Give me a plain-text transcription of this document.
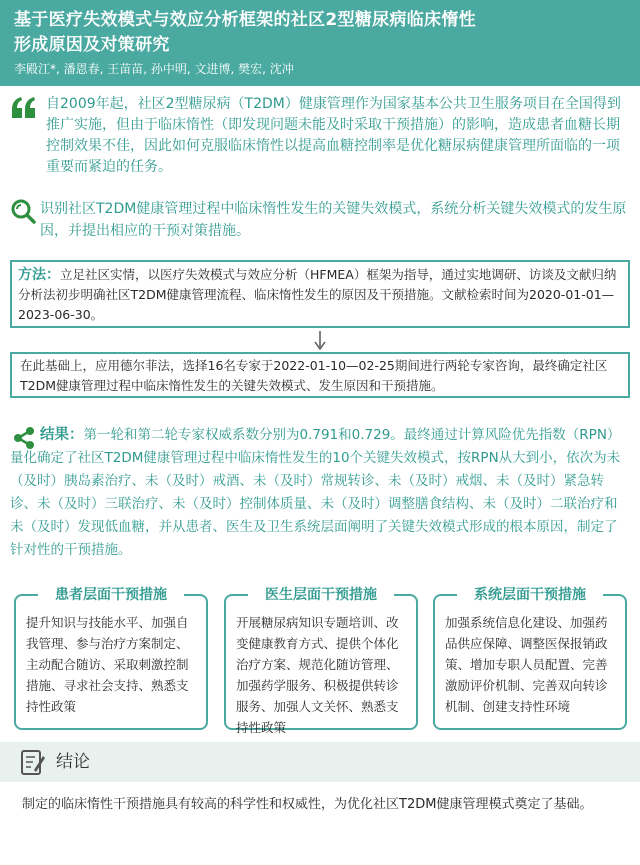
基于医疗失效模式与效应分析框架的社区2型糖尿病临床惰性
形成原因及对策研究
李殿江*, 潘恩春, 王苗苗, 孙中明, 文进博, 樊宏, 沈冲
自2009年起，社区2型糖尿病（T2DM）健康管理作为国家基本公共卫生服务项目在全国得到推广实施，但由于临床惰性（即发现问题未能及时采取干预措施）的影响，造成患者血糖长期控制效果不佳，因此如何克服临床惰性以提高血糖控制率是优化糖尿病健康管理所面临的一项重要而紧迫的任务。
识别社区T2DM健康管理过程中临床惰性发生的关键失效模式，系统分析关键失效模式的发生原因，并提出相应的干预对策措施。
方法：立足社区实情，以医疗失效模式与效应分析（HFMEA）框架为指导，通过实地调研、访谈及文献归纳分析法初步明确社区T2DM健康管理流程、临床惰性发生的原因及干预措施。文献检索时间为2020-01-01—2023-06-30。
在此基础上，应用德尔菲法，选择16名专家于2022-01-10—02-25期间进行两轮专家咨询，最终确定社区T2DM健康管理过程中临床惰性发生的关键失效模式、发生原因和干预措施。
结果：第一轮和第二轮专家权威系数分别为0.791和0.729。最终通过计算风险优先指数（RPN）量化确定了社区T2DM健康管理过程中临床惰性发生的10个关键失效模式，按RPN从大到小，依次为未（及时）胰岛素治疗、未（及时）戒酒、未（及时）常规转诊、未（及时）戒烟、未（及时）紧急转诊、未（及时）三联治疗、未（及时）控制体质量、未（及时）调整膳食结构、未（及时）二联治疗和未（及时）发现低血糖，并从患者、医生及卫生系统层面阐明了关键失效模式形成的根本原因，制定了针对性的干预措施。
患者层面干预措施
提升知识与技能水平、加强自我管理、参与治疗方案制定、主动配合随访、采取刺激控制措施、寻求社会支持、熟悉支持性政策
医生层面干预措施
开展糖尿病知识专题培训、改变健康教育方式、提供个体化治疗方案、规范化随访管理、加强药学服务、积极提供转诊服务、加强人文关怀、熟悉支持性政策
系统层面干预措施
加强系统信息化建设、加强药品供应保障、调整医保报销政策、增加专职人员配置、完善激励评价机制、完善双向转诊机制、创建支持性环境
结论
制定的临床惰性干预措施具有较高的科学性和权威性，为优化社区T2DM健康管理模式奠定了基础。
